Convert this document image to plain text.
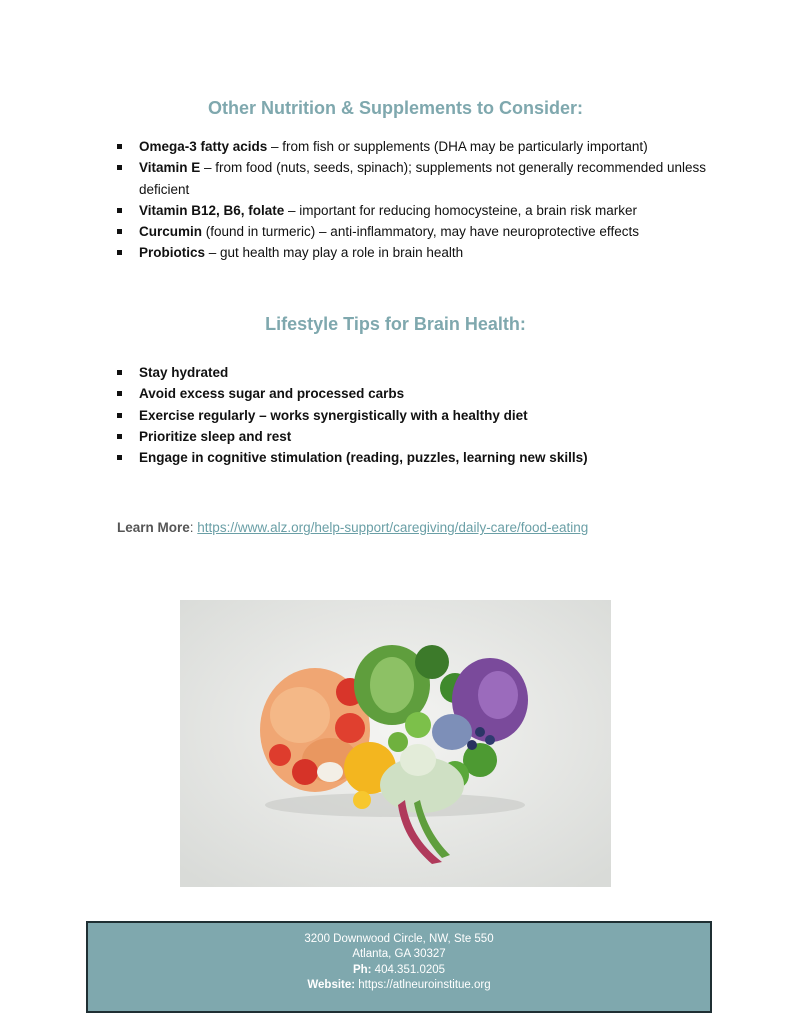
Other Nutrition & Supplements to Consider:
Omega-3 fatty acids – from fish or supplements (DHA may be particularly important)
Vitamin E – from food (nuts, seeds, spinach); supplements not generally recommended unless deficient
Vitamin B12, B6, folate – important for reducing homocysteine, a brain risk marker
Curcumin (found in turmeric) – anti-inflammatory, may have neuroprotective effects
Probiotics – gut health may play a role in brain health
Lifestyle Tips for Brain Health:
Stay hydrated
Avoid excess sugar and processed carbs
Exercise regularly – works synergistically with a healthy diet
Prioritize sleep and rest
Engage in cognitive stimulation (reading, puzzles, learning new skills)
Learn More: https://www.alz.org/help-support/caregiving/daily-care/food-eating
3200 Downwood Circle, NW, Ste 550
Atlanta, GA 30327
Ph: 404.351.0205
Website: https://atlneuroinstitue.org
